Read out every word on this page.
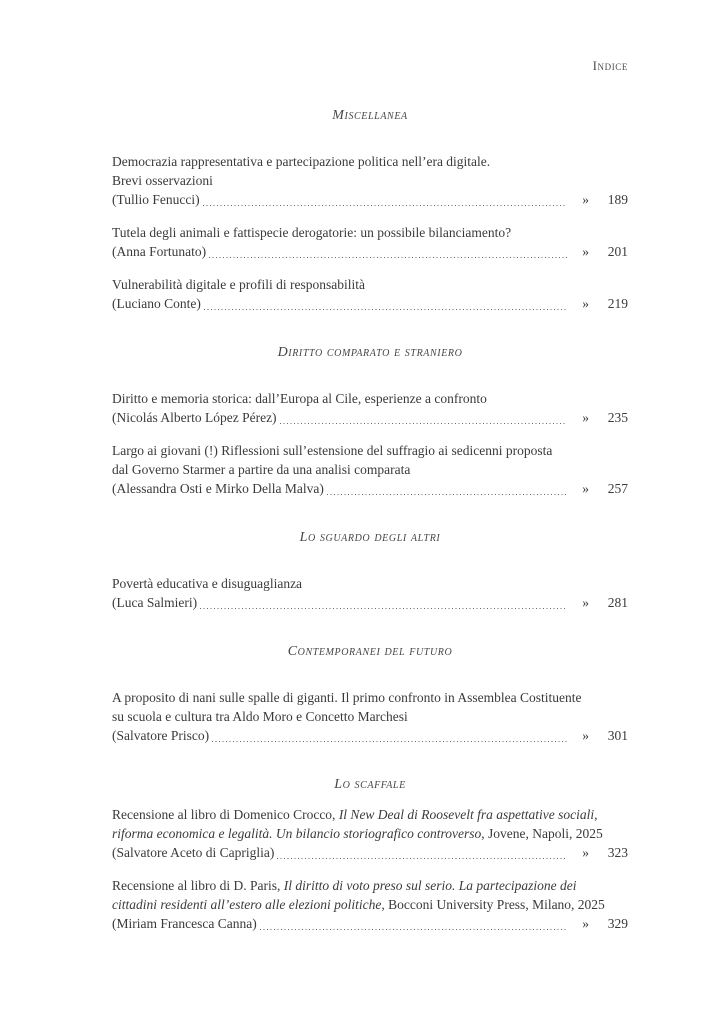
Indice
Miscellanea
Democrazia rappresentativa e partecipazione politica nell’era digitale.
Brevi osservazioni
(Tullio Fenucci)	»	189
Tutela degli animali e fattispecie derogatorie: un possibile bilanciamento?
(Anna Fortunato)	»	201
Vulnerabilità digitale e profili di responsabilità
(Luciano Conte)	»	219
Diritto comparato e straniero
Diritto e memoria storica: dall’Europa al Cile, esperienze a confronto
(Nicolás Alberto López Pérez)	»	235
Largo ai giovani (!) Riflessioni sull’estensione del suffragio ai sedicenni proposta
dal Governo Starmer a partire da una analisi comparata
(Alessandra Osti e Mirko Della Malva)	»	257
Lo sguardo degli altri
Povertà educativa e disuguaglianza
(Luca Salmieri)	»	281
Contemporanei del futuro
A proposito di nani sulle spalle di giganti. Il primo confronto in Assemblea Costituente
su scuola e cultura tra Aldo Moro e Concetto Marchesi
(Salvatore Prisco)	»	301
Lo scaffale
Recensione al libro di Domenico Crocco, Il New Deal di Roosevelt fra aspettative sociali,
riforma economica e legalità. Un bilancio storiografico controverso, Jovene, Napoli, 2025
(Salvatore Aceto di Capriglia)	»	323
Recensione al libro di D. Paris, Il diritto di voto preso sul serio. La partecipazione dei
cittadini residenti all’estero alle elezioni politiche, Bocconi University Press, Milano, 2025
(Miriam Francesca Canna)	»	329
